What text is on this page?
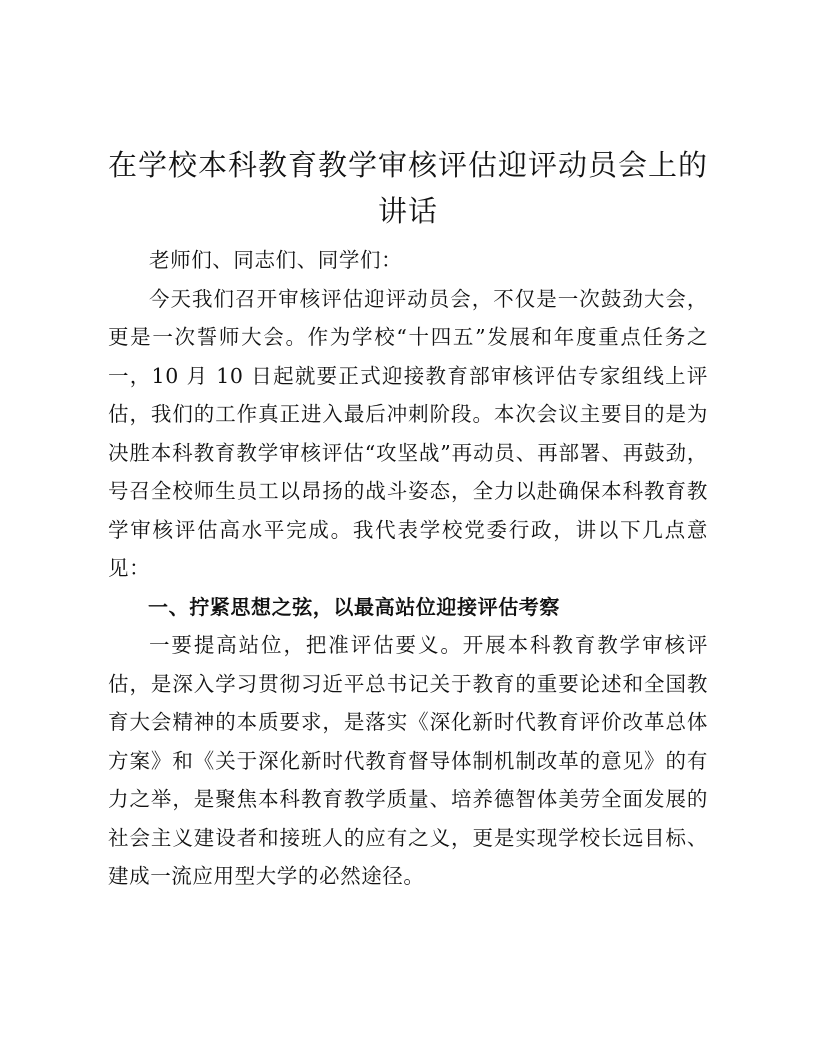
在学校本科教育教学审核评估迎评动员会上的
讲话

老师们、同志们、同学们：

今天我们召开审核评估迎评动员会，不仅是一次鼓劲大会，更是一次誓师大会。作为学校“十四五”发展和年度重点任务之一，10 月 10 日起就要正式迎接教育部审核评估专家组线上评估，我们的工作真正进入最后冲刺阶段。本次会议主要目的是为决胜本科教育教学审核评估“攻坚战”再动员、再部署、再鼓劲，号召全校师生员工以昂扬的战斗姿态，全力以赴确保本科教育教学审核评估高水平完成。我代表学校党委行政，讲以下几点意见：

一、拧紧思想之弦，以最高站位迎接评估考察

一要提高站位，把准评估要义。开展本科教育教学审核评估，是深入学习贯彻习近平总书记关于教育的重要论述和全国教育大会精神的本质要求，是落实《深化新时代教育评价改革总体方案》和《关于深化新时代教育督导体制机制改革的意见》的有力之举，是聚焦本科教育教学质量、培养德智体美劳全面发展的社会主义建设者和接班人的应有之义，更是实现学校长远目标、建成一流应用型大学的必然途径。
